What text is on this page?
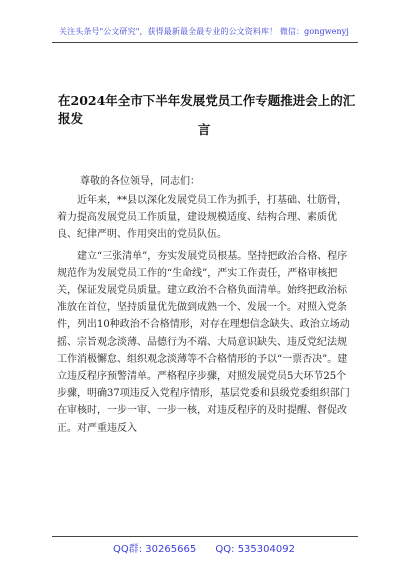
关注头条号"公文研究"，获得最新最全最专业的公文资料库！ 微信：gongwenyj
在2024年全市下半年发展党员工作专题推进会上的汇报发
言
尊敬的各位领导，同志们：

近年来，**县以深化发展党员工作为抓手，打基础、壮筋骨，着力提高发展党员工作质量，建设规模适度、结构合理、素质优良、纪律严明、作用突出的党员队伍。

建立“三张清单”，夯实发展党员根基。坚持把政治合格、程序规范作为发展党员工作的“生命线”，严实工作责任，严格审核把关，保证发展党员质量。建立政治不合格负面清单。始终把政治标准放在首位，坚持质量优先做到成熟一个、发展一个。对照入党条件，列出10种政治不合格情形，对存在理想信念缺失、政治立场动摇、宗旨观念淡薄、品德行为不端、大局意识缺失、违反党纪法规工作消极懈怠、组织观念淡薄等不合格情形的予以“一票否决”。建立违反程序预警清单。严格程序步骤，对照发展党员5大环节25个步骤，明确37项违反入党程序情形，基层党委和县级党委组织部门在审核时，一步一审、一步一核，对违反程序的及时提醒、督促改正。对严重违反入

QQ群: 30265665 QQ: 535304092
